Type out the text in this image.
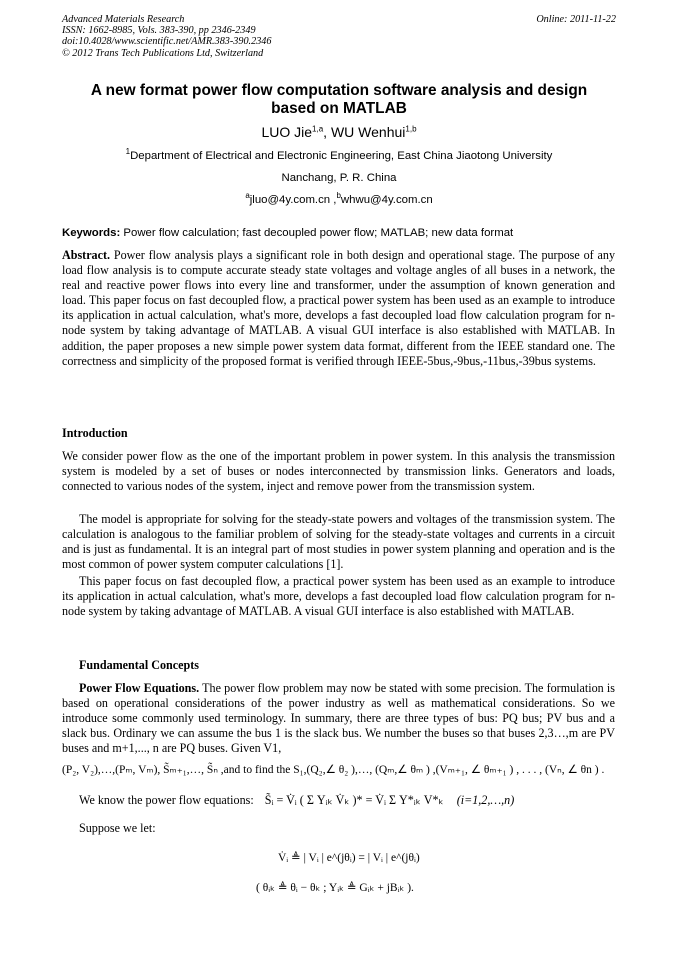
Advanced Materials Research
ISSN: 1662-8985, Vols. 383-390, pp 2346-2349
doi:10.4028/www.scientific.net/AMR.383-390.2346
© 2012 Trans Tech Publications Ltd, Switzerland
Online: 2011-11-22
A new format power flow computation software analysis and design
based on MATLAB
LUO Jie$^{1,a}$, WU Wenhui$^{1,b}$
$^1$Department of Electrical and Electronic Engineering, East China Jiaotong University
Nanchang, P. R. China
$^a$jluo@4y.com.cn ,$^b$whwu@4y.com.cn
Keywords: Power flow calculation; fast decoupled power flow; MATLAB; new data format

Abstract. Power flow analysis plays a significant role in both design and operational stage. The purpose of any load flow analysis is to compute accurate steady state voltages and voltage angles of all buses in a network, the real and reactive power flows into every line and transformer, under the assumption of known generation and load. This paper focus on fast decoupled flow, a practical power system has been used as an example to introduce its application in actual calculation, what's more, develops a fast decoupled load flow calculation program for n-node system by taking advantage of MATLAB. A visual GUI interface is also established with MATLAB. In addition, the paper proposes a new simple power system data format, different from the IEEE standard one. The correctness and simplicity of the proposed format is verified through IEEE-5bus,-9bus,-11bus,-39bus systems.

Introduction

We consider power flow as the one of the important problem in power system. In this analysis the transmission system is modeled by a set of buses or nodes interconnected by transmission links. Generators and loads, connected to various nodes of the system, inject and remove power from the transmission system.

The model is appropriate for solving for the steady-state powers and voltages of the transmission system. The calculation is analogous to the familiar problem of solving for the steady-state voltages and currents in a circuit and is just as fundamental. It is an integral part of most studies in power system planning and operation and is the most common of power system computer calculations [1].

This paper focus on fast decoupled flow, a practical power system has been used as an example to introduce its application in actual calculation, what's more, develops a fast decoupled load flow calculation program for n-node system by taking advantage of MATLAB. A visual GUI interface is also established with MATLAB.

Fundamental Concepts

Power Flow Equations. The power flow problem may now be stated with some precision. The formulation is based on operational considerations of the power industry as well as mathematical considerations. So we introduce some commonly used terminology. In summary, there are three types of bus: PQ bus; PV bus and a slack bus. Ordinary we can assume the bus 1 is the slack bus. We number the buses so that buses 2,3…,m are PV buses and m+1,..., n are PQ buses. Given V1,

(P₂, V₂),…,(Pₘ, Vₘ), S̃ₘ₊₁,…, S̃ₙ ,and to find the S₁,(Q₂,∠ θ₂ ),…, (Qₘ,∠ θₘ ) ,(Vₘ₊₁, ∠ θₘ₊₁ ) , . . . , (Vₙ, ∠ θn ) .
We know the power flow equations: S̃ᵢ = V̇ᵢ ( Σ Yᵢₖ V̇ₖ )* = V̇ᵢ Σ Y*ᵢₖ V*ₖ (i=1,2,…,n)
Suppose we let:
V̇ᵢ ≜ | Vᵢ | e^(jθᵢ) = | Vᵢ | e^(jθᵢ)
( θᵢₖ ≜ θᵢ − θₖ ; Yᵢₖ ≜ Gᵢₖ + jBᵢₖ ).
